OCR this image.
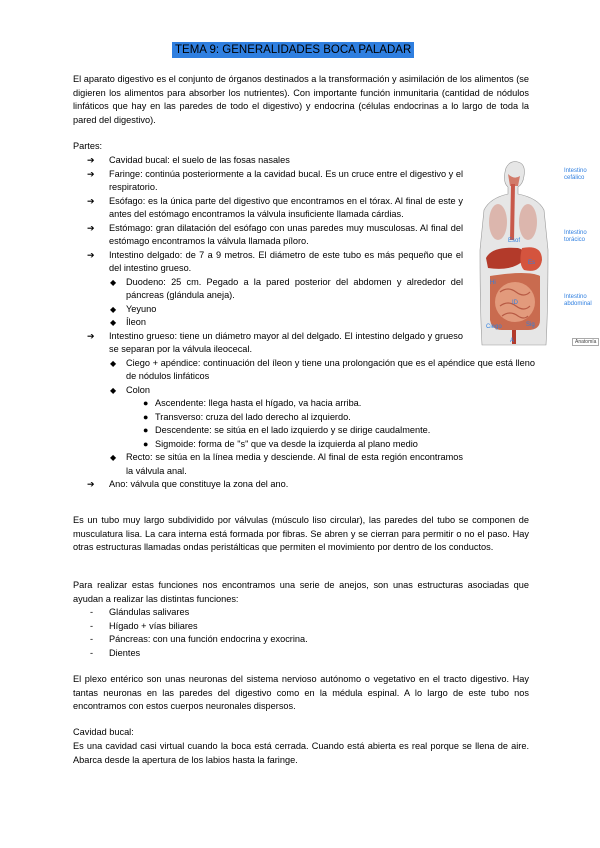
TEMA 9: GENERALIDADES BOCA PALADAR

El aparato digestivo es el conjunto de órganos destinados a la transformación y asimilación de los alimentos (se digieren los alimentos para absorber los nutrientes). Con importante función inmunitaria (cantidad de nódulos linfáticos que hay en las paredes de todo el digestivo) y endocrina (células endocrinas a lo largo de toda la pared del digestivo).

Partes:
➔ Cavidad bucal: el suelo de las fosas nasales
➔ Faringe: continúa posteriormente a la cavidad bucal. Es un cruce entre el digestivo y el respiratorio.
➔ Esófago: es la única parte del digestivo que encontramos en el tórax. Al final de este y antes del estómago encontramos la válvula insuficiente llamada cárdias.
➔ Estómago: gran dilatación del esófago con unas paredes muy musculosas. Al final del estómago encontramos la válvula llamada píloro.
➔ Intestino delgado: de 7 a 9 metros. El diámetro de este tubo es más pequeño que el del intestino grueso.
◆ Duodeno: 25 cm. Pegado a la pared posterior del abdomen y alrededor del páncreas (glándula aneja).
◆ Yeyuno
◆ Íleon
➔ Intestino grueso: tiene un diámetro mayor al del delgado. El intestino delgado y grueso se separan por la válvula ileocecal.
◆ Ciego + apéndice: continuación del íleon y tiene una prolongación que es el apéndice que está lleno de nódulos linfáticos
◆ Colon
● Ascendente: llega hasta el hígado, va hacia arriba.
● Transverso: cruza del lado derecho al izquierdo.
● Descendente: se sitúa en el lado izquierdo y se dirige caudalmente.
● Sigmoide: forma de "s" que va desde la izquierda al plano medio
◆ Recto: se sitúa en la línea media y desciende. Al final de esta región encontramos la válvula anal.
➔ Ano: válvula que constituye la zona del ano.
Esof
Es
Hi
ID
Ciego	Sig
A
Intestino cefálico
Intestino torácico
Intestino abdominal
Anatomía

Es un tubo muy largo subdividido por válvulas (músculo liso circular), las paredes del tubo se componen de musculatura lisa. La cara interna está formada por fibras. Se abren y se cierran para permitir o no el paso. Hay otras estructuras llamadas ondas peristálticas que permiten el movimiento por dentro de los conductos.

Para realizar estas funciones nos encontramos una serie de anejos, son unas estructuras asociadas que ayudan a realizar las distintas funciones:

- Glándulas salivares
- Hígado + vías biliares
- Páncreas: con una función endocrina y exocrina.
- Dientes

El plexo entérico son unas neuronas del sistema nervioso autónomo o vegetativo en el tracto digestivo. Hay tantas neuronas en las paredes del digestivo como en la médula espinal. A lo largo de este tubo nos encontramos con estos cuerpos neuronales dispersos.

Cavidad bucal:

Es una cavidad casi virtual cuando la boca está cerrada. Cuando está abierta es real porque se llena de aire. Abarca desde la apertura de los labios hasta la faringe.
